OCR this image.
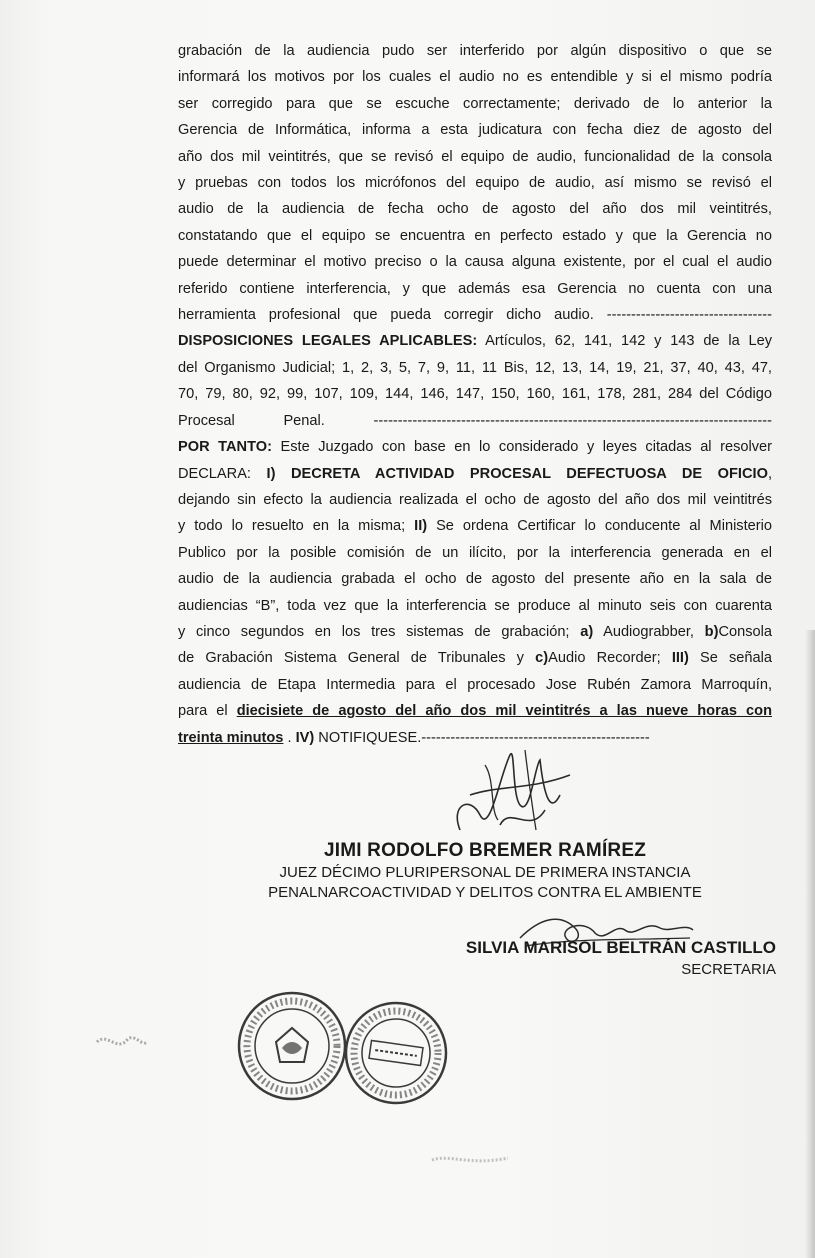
grabación de la audiencia pudo ser interferido por algún dispositivo o que se

informará los motivos por los cuales el audio no es entendible y si el mismo podría

ser corregido para que se escuche correctamente; derivado de lo anterior la

Gerencia de Informática, informa a esta judicatura con fecha diez de agosto del

año dos mil veintitrés, que se revisó el equipo de audio, funcionalidad de la consola

y pruebas con todos los micrófonos del equipo de audio, así mismo se revisó el

audio de la audiencia de fecha ocho de agosto del año dos mil veintitrés,

constatando que el equipo se encuentra en perfecto estado y que la Gerencia no

puede determinar el motivo preciso o la causa alguna existente, por el cual el audio

referido contiene interferencia, y que además esa Gerencia no cuenta con una

herramienta profesional que pueda corregir dicho audio. ----------------------------------

DISPOSICIONES LEGALES APLICABLES: Artículos, 62, 141, 142 y 143 de la Ley

del Organismo Judicial; 1, 2, 3, 5, 7, 9, 11, 11 Bis, 12, 13, 14, 19, 21, 37, 40, 43, 47,

70, 79, 80, 92, 99, 107, 109, 144, 146, 147, 150, 160, 161, 178, 281, 284 del Código

Procesal Penal. ----------------------------------------------------------------------------------

POR TANTO: Este Juzgado con base en lo considerado y leyes citadas al resolver

DECLARA: I) DECRETA ACTIVIDAD PROCESAL DEFECTUOSA DE OFICIO,

dejando sin efecto la audiencia realizada el ocho de agosto del año dos mil veintitrés

y todo lo resuelto en la misma; II) Se ordena Certificar lo conducente al Ministerio

Publico por la posible comisión de un ilícito, por la interferencia generada en el

audio de la audiencia grabada el ocho de agosto del presente año en la sala de

audiencias “B”, toda vez que la interferencia se produce al minuto seis con cuarenta

y cinco segundos en los tres sistemas de grabación; a) Audiograbber, b)Consola

de Grabación Sistema General de Tribunales y c)Audio Recorder; III) Se señala

audiencia de Etapa Intermedia para el procesado Jose Rubén Zamora Marroquín,

para el diecisiete de agosto del año dos mil veintitrés a las nueve horas con

treinta minutos . IV) NOTIFIQUESE.-----------------------------------------------

JIMI RODOLFO BREMER RAMÍREZ

JUEZ DÉCIMO PLURIPERSONAL DE PRIMERA INSTANCIA

PENALNARCOACTIVIDAD Y DELITOS CONTRA EL AMBIENTE

SILVIA MARISOL BELTRÁN CASTILLO

SECRETARIA
